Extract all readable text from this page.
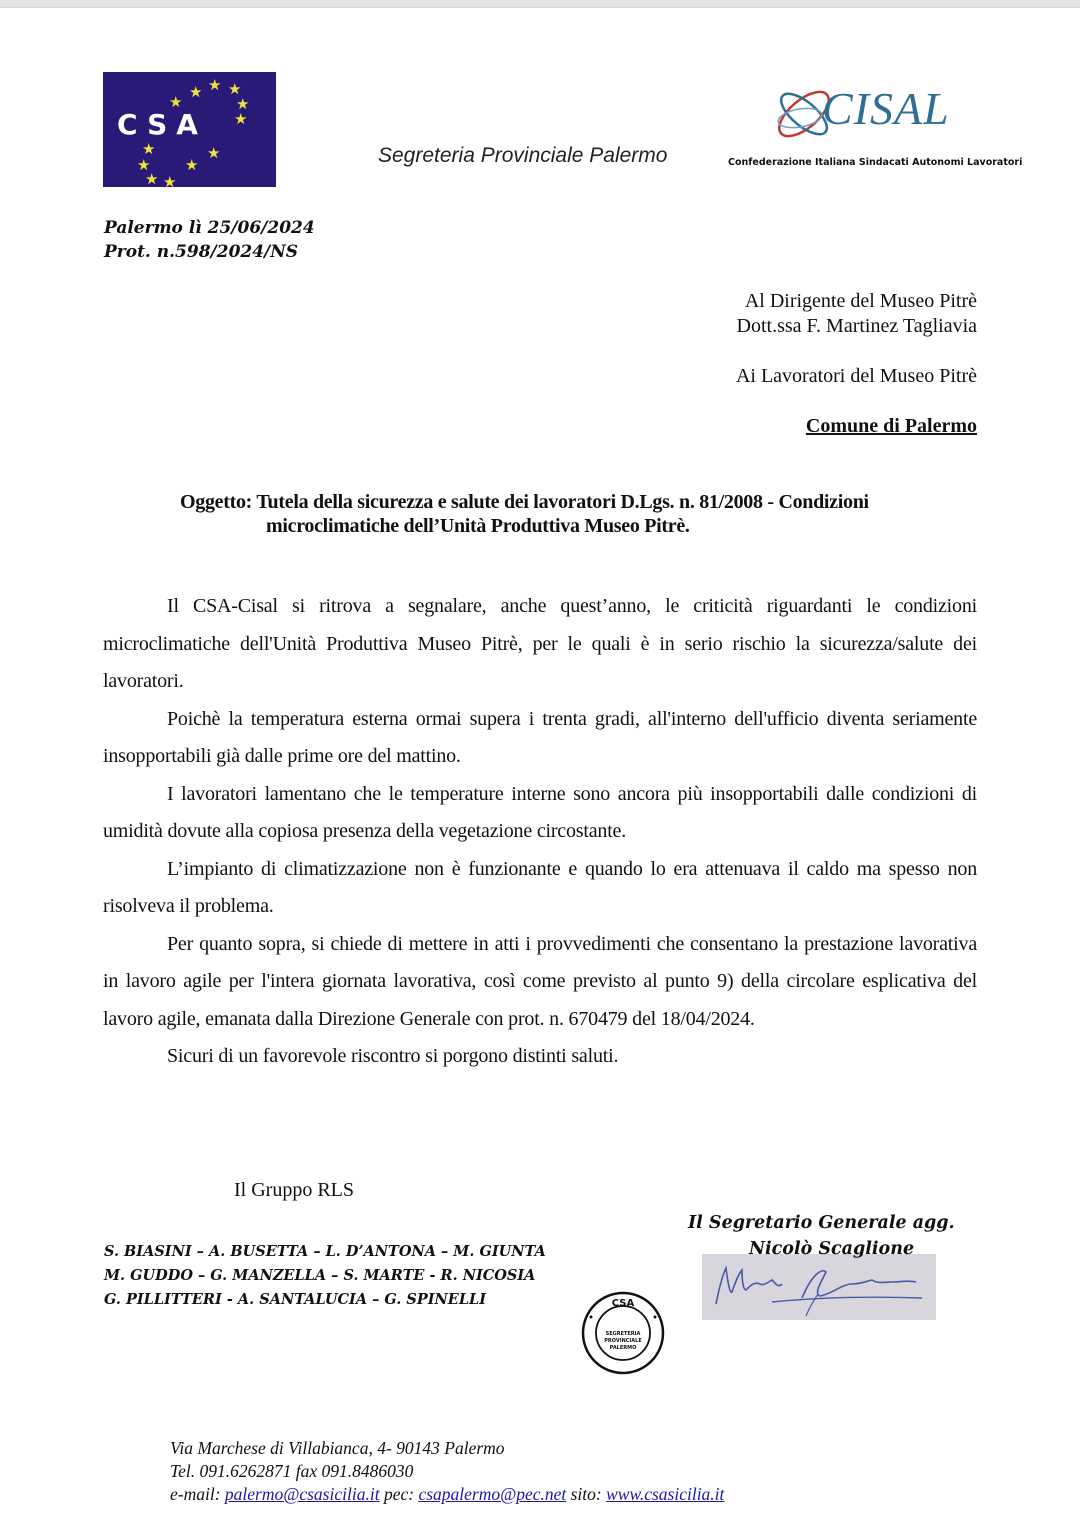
★ ★ ★
★	★
★
★	★
★ ★
★ ★
CSA
Segreteria Provinciale Palermo
CISAL
Confederazione Italiana Sindacati Autonomi Lavoratori
Palermo lì 25/06/2024
Prot. n.598/2024/NS
Al Dirigente del Museo Pitrè
Dott.ssa F. Martinez Tagliavia
Ai Lavoratori del Museo Pitrè
Comune di Palermo
Oggetto: Tutela della sicurezza e salute dei lavoratori D.Lgs. n. 81/2008 - Condizioni
microclimatiche dell’Unità Produttiva Museo Pitrè.

Il CSA-Cisal si ritrova a segnalare, anche quest’anno, le criticità riguardanti le condizioni microclimatiche dell'Unità Produttiva Museo Pitrè, per le quali è in serio rischio la sicurezza/salute dei lavoratori.

Poichè la temperatura esterna ormai supera i trenta gradi, all'interno dell'ufficio diventa seriamente insopportabili già dalle prime ore del mattino.

I lavoratori lamentano che le temperature interne sono ancora più insopportabili dalle condizioni di umidità dovute alla copiosa presenza della vegetazione circostante.

L’impianto di climatizzazione non è funzionante e quando lo era attenuava il caldo ma spesso non risolveva il problema.

Per quanto sopra, si chiede di mettere in atti i provvedimenti che consentano la prestazione lavorativa in lavoro agile per l'intera giornata lavorativa, così come previsto al punto 9) della circolare esplicativa del lavoro agile, emanata dalla Direzione Generale con prot. n. 670479 del 18/04/2024.

Sicuri di un favorevole riscontro si porgono distinti saluti.

Il Gruppo RLS
S. BIASINI – A. BUSETTA – L. D’ANTONA – M. GIUNTA
M. GUDDO – G. MANZELLA – S. MARTE - R. NICOSIA
G. PILLITTERI - A. SANTALUCIA – G. SPINELLI
Il Segretario Generale agg.
Nicolò Scaglione
CSA
SEGRETERIA
PROVINCIALE
PALERMO
Via Marchese di Villabianca, 4- 90143 Palermo
Tel. 091.6262871 fax 091.8486030
e-mail: palermo@csasicilia.it pec: csapalermo@pec.net sito: www.csasicilia.it
